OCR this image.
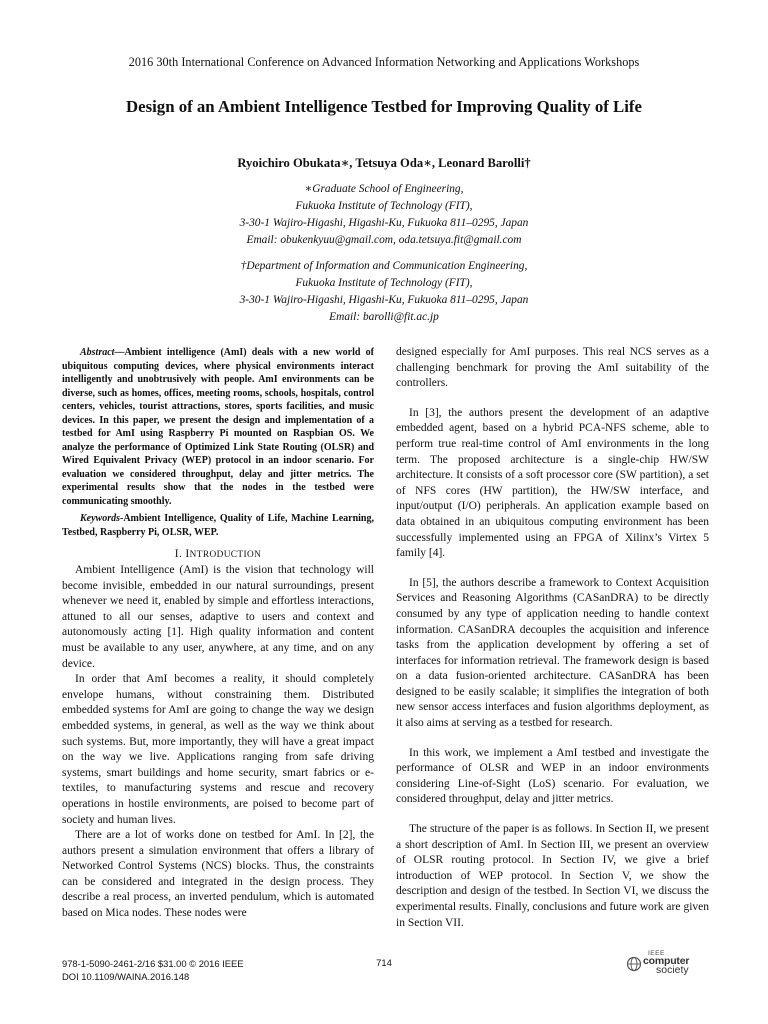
2016 30th International Conference on Advanced Information Networking and Applications Workshops
Design of an Ambient Intelligence Testbed for Improving Quality of Life
Ryoichiro Obukata∗, Tetsuya Oda∗, Leonard Barolli†
∗Graduate School of Engineering,
Fukuoka Institute of Technology (FIT),
3-30-1 Wajiro-Higashi, Higashi-Ku, Fukuoka 811–0295, Japan
Email: obukenkyuu@gmail.com, oda.tetsuya.fit@gmail.com
†Department of Information and Communication Engineering,
Fukuoka Institute of Technology (FIT),
3-30-1 Wajiro-Higashi, Higashi-Ku, Fukuoka 811–0295, Japan
Email: barolli@fit.ac.jp

Abstract—Ambient intelligence (AmI) deals with a new world of ubiquitous computing devices, where physical environments interact intelligently and unobtrusively with people. AmI environments can be diverse, such as homes, offices, meeting rooms, schools, hospitals, control centers, vehicles, tourist attractions, stores, sports facilities, and music devices. In this paper, we present the design and implementation of a testbed for AmI using Raspberry Pi mounted on Raspbian OS. We analyze the performance of Optimized Link State Routing (OLSR) and Wired Equivalent Privacy (WEP) protocol in an indoor scenario. For evaluation we considered throughput, delay and jitter metrics. The experimental results show that the nodes in the testbed were communicating smoothly.

Keywords-Ambient Intelligence, Quality of Life, Machine Learning, Testbed, Raspberry Pi, OLSR, WEP.

I. INTRODUCTION

Ambient Intelligence (AmI) is the vision that technology will become invisible, embedded in our natural surroundings, present whenever we need it, enabled by simple and effortless interactions, attuned to all our senses, adaptive to users and context and autonomously acting [1]. High quality information and content must be available to any user, anywhere, at any time, and on any device.

In order that AmI becomes a reality, it should completely envelope humans, without constraining them. Distributed embedded systems for AmI are going to change the way we design embedded systems, in general, as well as the way we think about such systems. But, more importantly, they will have a great impact on the way we live. Applications ranging from safe driving systems, smart buildings and home security, smart fabrics or e-textiles, to manufacturing systems and rescue and recovery operations in hostile environments, are poised to become part of society and human lives.

There are a lot of works done on testbed for AmI. In [2], the authors present a simulation environment that offers a library of Networked Control Systems (NCS) blocks. Thus, the constraints can be considered and integrated in the design process. They describe a real process, an inverted pendulum, which is automated based on Mica nodes. These nodes were

designed especially for AmI purposes. This real NCS serves as a challenging benchmark for proving the AmI suitability of the controllers.

In [3], the authors present the development of an adaptive embedded agent, based on a hybrid PCA-NFS scheme, able to perform true real-time control of AmI environments in the long term. The proposed architecture is a single-chip HW/SW architecture. It consists of a soft processor core (SW partition), a set of NFS cores (HW partition), the HW/SW interface, and input/output (I/O) peripherals. An application example based on data obtained in an ubiquitous computing environment has been successfully implemented using an FPGA of Xilinx’s Virtex 5 family [4].

In [5], the authors describe a framework to Context Acquisition Services and Reasoning Algorithms (CASanDRA) to be directly consumed by any type of application needing to handle context information. CASanDRA decouples the acquisition and inference tasks from the application development by offering a set of interfaces for information retrieval. The framework design is based on a data fusion-oriented architecture. CASanDRA has been designed to be easily scalable; it simplifies the integration of both new sensor access interfaces and fusion algorithms deployment, as it also aims at serving as a testbed for research.

In this work, we implement a AmI testbed and investigate the performance of OLSR and WEP in an indoor environments considering Line-of-Sight (LoS) scenario. For evaluation, we considered throughput, delay and jitter metrics.

The structure of the paper is as follows. In Section II, we present a short description of AmI. In Section III, we present an overview of OLSR routing protocol. In Section IV, we give a brief introduction of WEP protocol. In Section V, we show the description and design of the testbed. In Section VI, we discuss the experimental results. Finally, conclusions and future work are given in Section VII.

978-1-5090-2461-2/16 $31.00 © 2016 IEEE
DOI 10.1109/WAINA.2016.148
714
IEEE
computer
society
